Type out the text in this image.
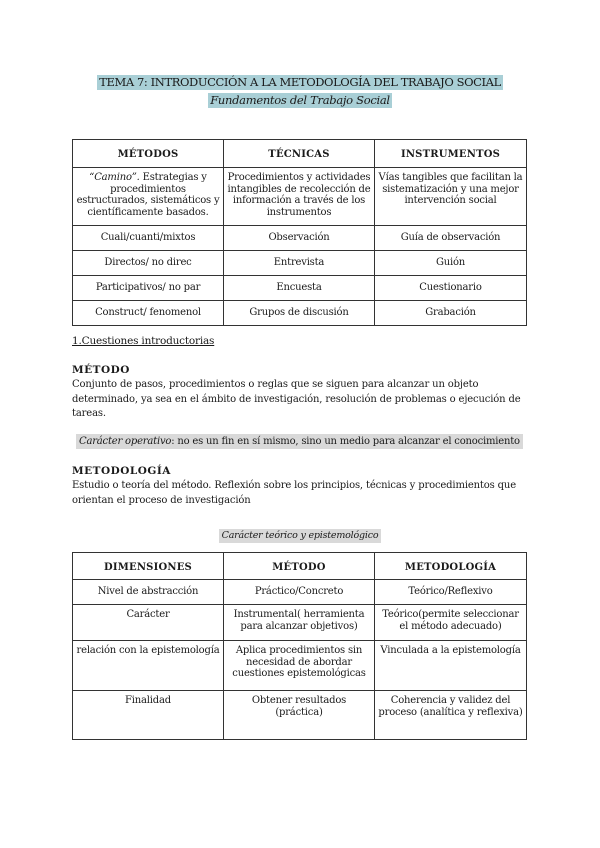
TEMA 7: INTRODUCCIÓN A LA METODOLOGÍA DEL TRABAJO SOCIAL
Fundamentos del Trabajo Social
MÉTODOS	TÉCNICAS	INSTRUMENTOS
“Camino”. Estrategias y procedimientos estructurados, sistemáticos y científicamente basados.	Procedimientos y actividades intangibles de recolección de información a través de los instrumentos	Vías tangibles que facilitan la sistematización y una mejor intervención social
Cuali/cuanti/mixtos	Observación	Guía de observación
Directos/ no direc	Entrevista	Guión
Participativos/ no par	Encuesta	Cuestionario
Construct/ fenomenol	Grupos de discusión	Grabación
1.Cuestiones introductorias
MÉTODO
Conjunto de pasos, procedimientos o reglas que se siguen para alcanzar un objeto determinado, ya sea en el ámbito de investigación, resolución de problemas o ejecución de tareas.
Carácter operativo: no es un fin en sí mismo, sino un medio para alcanzar el conocimiento
METODOLOGÍA
Estudio o teoría del método. Reflexión sobre los principios, técnicas y procedimientos que orientan el proceso de investigación
Carácter teórico y epistemológico
DIMENSIONES	MÉTODO	METODOLOGÍA
Nivel de abstracción	Práctico/Concreto	Teórico/Reflexivo
Carácter	Instrumental( herramienta para alcanzar objetivos)	Teórico(permite seleccionar el método adecuado)
relación con la epistemología	Aplica procedimientos sin necesidad de abordar cuestiones epistemológicas	Vinculada a la epistemología
Finalidad	Obtener resultados (práctica)	Coherencia y validez del proceso (analítica y reflexiva)
